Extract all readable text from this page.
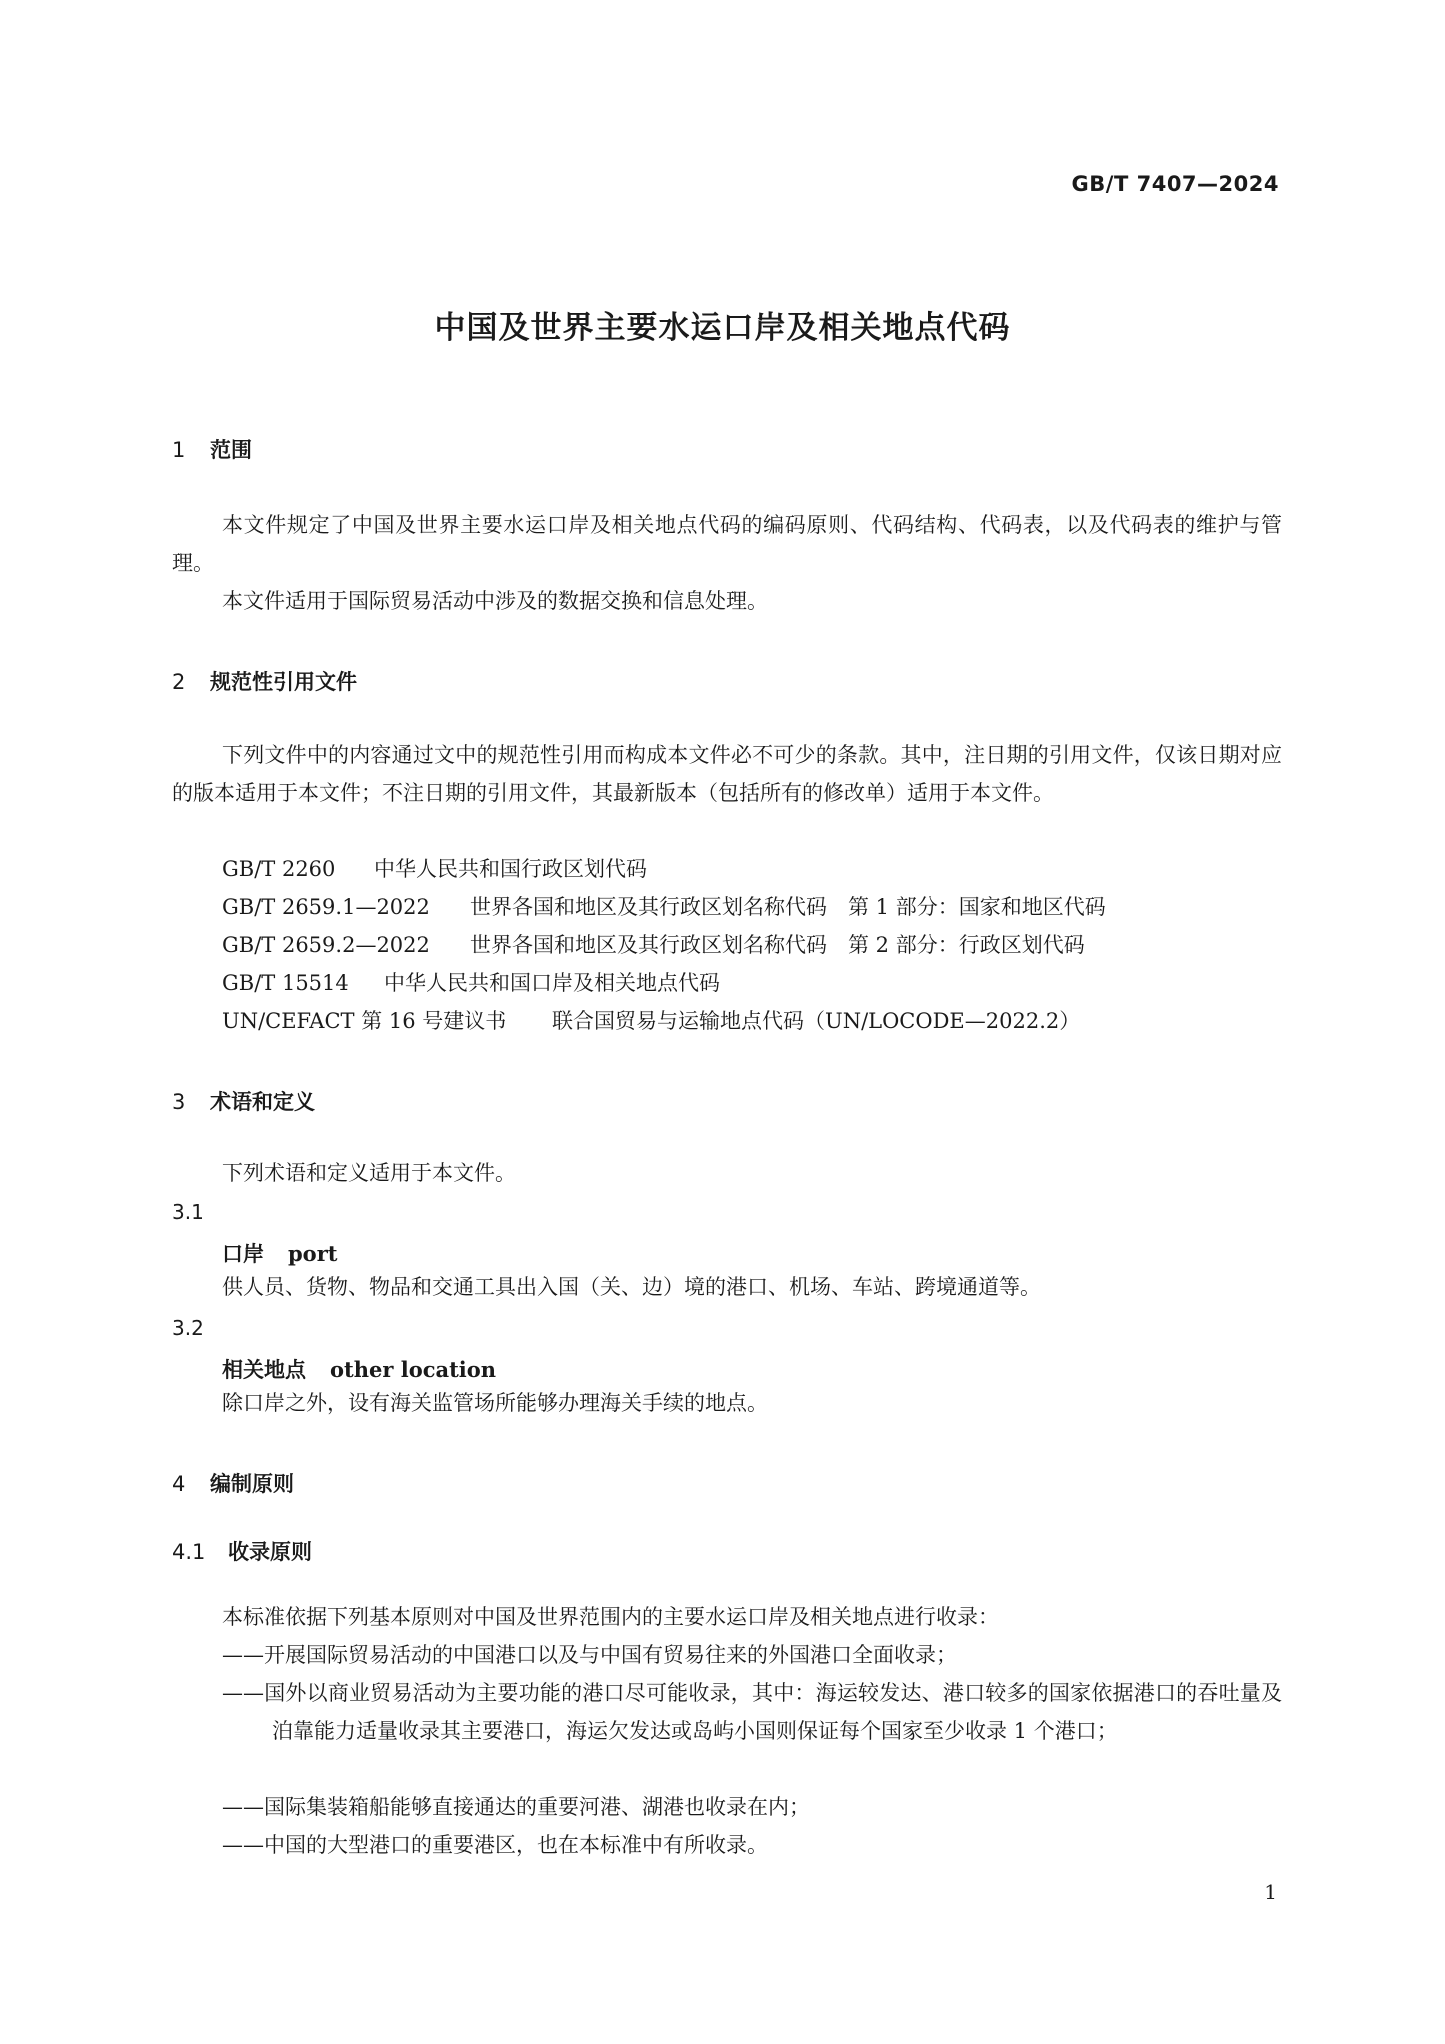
GB/T 7407—2024
中国及世界主要水运口岸及相关地点代码
1 范围
本文件规定了中国及世界主要水运口岸及相关地点代码的编码原则、代码结构、代码表，以及代码表的维护与管理。
本文件适用于国际贸易活动中涉及的数据交换和信息处理。
2 规范性引用文件
下列文件中的内容通过文中的规范性引用而构成本文件必不可少的条款。其中，注日期的引用文件，仅该日期对应的版本适用于本文件；不注日期的引用文件，其最新版本（包括所有的修改单）适用于本文件。
GB/T 2260 中华人民共和国行政区划代码
GB/T 2659.1—2022 世界各国和地区及其行政区划名称代码　第 1 部分：国家和地区代码
GB/T 2659.2—2022 世界各国和地区及其行政区划名称代码　第 2 部分：行政区划代码
GB/T 15514 中华人民共和国口岸及相关地点代码
UN/CEFACT 第 16 号建议书 联合国贸易与运输地点代码（UN/LOCODE—2022.2）
3 术语和定义
下列术语和定义适用于本文件。
3.1
口岸 port
供人员、货物、物品和交通工具出入国（关、边）境的港口、机场、车站、跨境通道等。
3.2
相关地点 other location
除口岸之外，设有海关监管场所能够办理海关手续的地点。
4 编制原则
4.1 收录原则
本标准依据下列基本原则对中国及世界范围内的主要水运口岸及相关地点进行收录：
——开展国际贸易活动的中国港口以及与中国有贸易往来的外国港口全面收录；
——国外以商业贸易活动为主要功能的港口尽可能收录，其中：海运较发达、港口较多的国家依据港口的吞吐量及泊靠能力适量收录其主要港口，海运欠发达或岛屿小国则保证每个国家至少收录 1 个港口；
——国际集装箱船能够直接通达的重要河港、湖港也收录在内；
——中国的大型港口的重要港区，也在本标准中有所收录。
1
